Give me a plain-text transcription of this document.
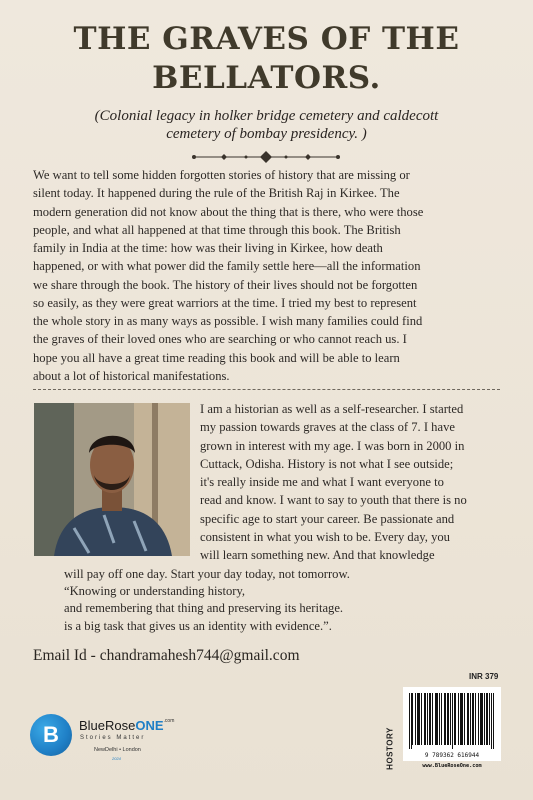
THE GRAVES OF THE
BELLATORS.
(Colonial legacy in holker bridge cemetery and caldecott
cemetery of bombay presidency. )
We want to tell some hidden forgotten stories of history that are missing or
silent today. It happened during the rule of the British Raj in Kirkee. The
modern generation did not know about the thing that is there, who were those
people, and what all happened at that time through this book. The British
family in India at the time: how was their living in Kirkee, how death
happened, or with what power did the family settle here—all the information
we share through the book. The history of their lives should not be forgotten
so easily, as they were great warriors at the time. I tried my best to represent
the whole story in as many ways as possible. I wish many families could find
the graves of their loved ones who are searching or who cannot reach us. I
hope you all have a great time reading this book and will be able to learn
about a lot of historical manifestations.
I am a historian as well as a self-researcher. I started
my passion towards graves at the class of 7. I have
grown in interest with my age. I was born in 2000 in
Cuttack, Odisha. History is not what I see outside;
it's really inside me and what I want everyone to
read and know. I want to say to youth that there is no
specific age to start your career. Be passionate and
consistent in what you wish to be. Every day, you
will learn something new. And that knowledge
will pay off one day. Start your day today, not tomorrow.
“Knowing or understanding history,
and remembering that thing and preserving its heritage.
is a big task that gives us an identity with evidence.”.
Email Id - chandramahesh744@gmail.com
INR 379
B	BlueRoseONE$^{.com}$
Stories Matter
NewDelhi • London
2024	HOSTORY	9 789362 616944
www.BlueRoseOne.com
